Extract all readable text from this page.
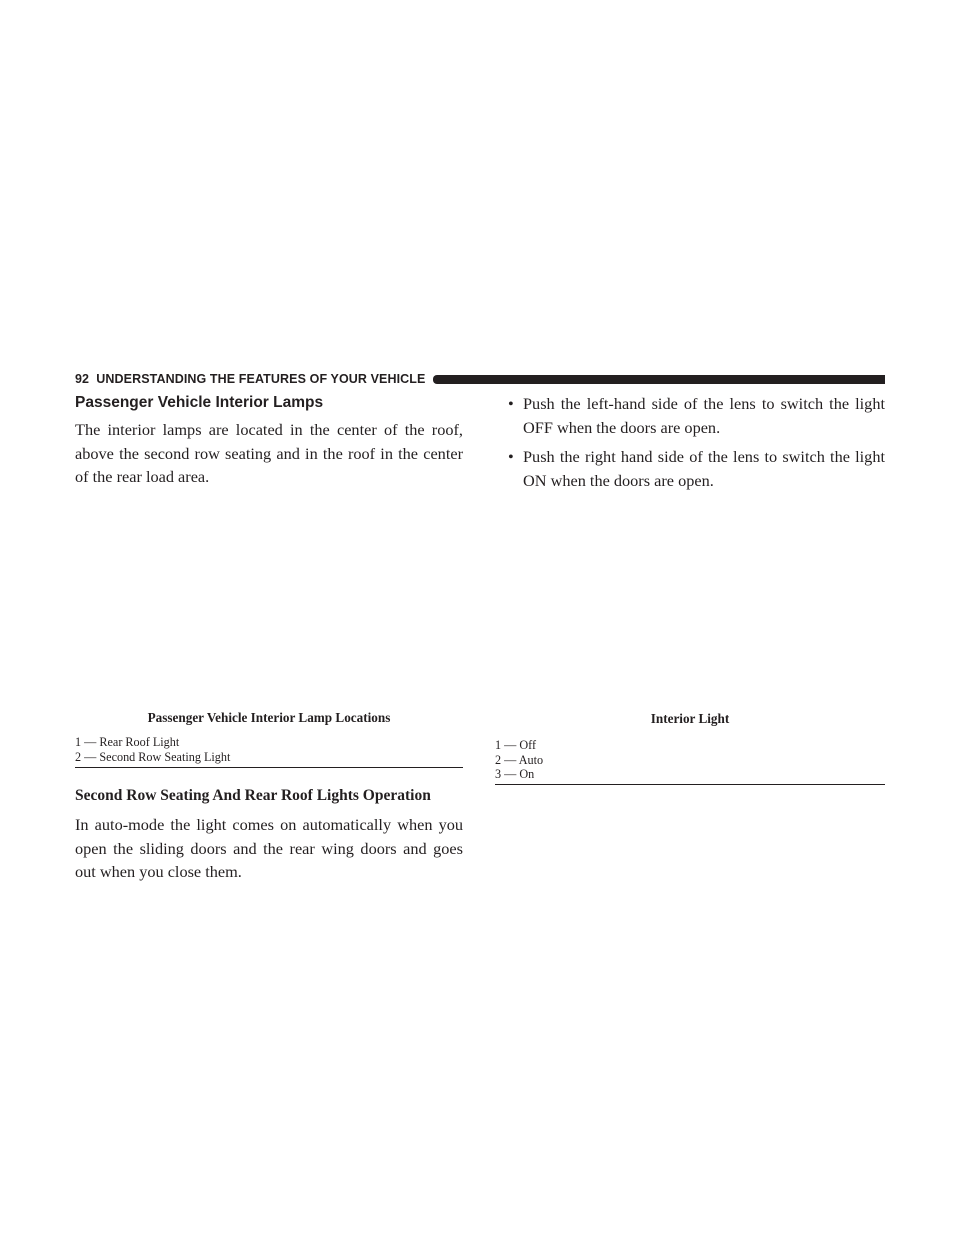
92 UNDERSTANDING THE FEATURES OF YOUR VEHICLE
Passenger Vehicle Interior Lamps

The interior lamps are located in the center of the roof, above the second row seating and in the roof in the center of the rear load area.

Passenger Vehicle Interior Lamp Locations

1 — Rear Roof Light
2 — Second Row Seating Light
Second Row Seating And Rear Roof Lights Operation

In auto-mode the light comes on automatically when you open the sliding doors and the rear wing doors and goes out when you close them.

• Push the left-hand side of the lens to switch the light OFF when the doors are open.
• Push the right hand side of the lens to switch the light ON when the doors are open.

Interior Light

1 — Off
2 — Auto
3 — On
